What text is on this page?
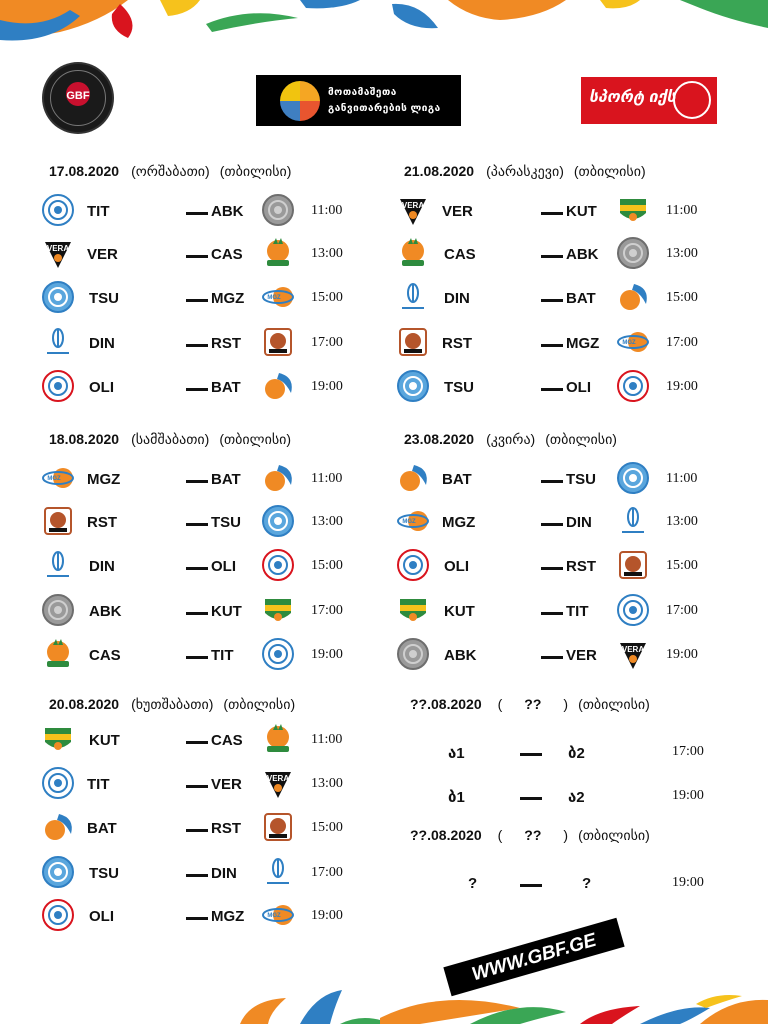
GBF	მოთამაშეთა
განვითარების ლიგა
სპორტ იქს
17.08.2020 (ორშაბათი) (თბილისი)
TIT	ABK	11:00
VERA VER	CAS	13:00
TSU	MGZ	MGZ 15:00
DIN	RST	17:00
OLI	BAT	19:00
21.08.2020 (პარასკევი) (თბილისი)
VERA VER	KUT	11:00
CAS	ABK	13:00
DIN	BAT	15:00
RST	MGZ	MGZ 17:00
TSU	OLI	19:00
18.08.2020 (სამშაბათი) (თბილისი)
MGZ MGZ	BAT	11:00
RST	TSU	13:00
DIN	OLI	15:00
ABK	KUT	17:00
CAS	TIT	19:00
23.08.2020 (კვირა) (თბილისი)
BAT	TSU	11:00
MGZ MGZ	DIN	13:00
OLI	RST	15:00
KUT	TIT	17:00
ABK	VER	VERA 19:00
20.08.2020 (ხუთშაბათი) (თბილისი)
KUT	CAS	11:00
TIT	VER	VERA 13:00
BAT	RST	15:00
TSU	DIN	17:00
OLI	MGZ	MGZ 19:00
??.08.2020 ( ?? ) (თბილისი)
ა1	ბ2	17:00
ბ1	ა2	19:00
??.08.2020 ( ?? ) (თბილისი)
?	?	19:00
WWW.GBF.GE
